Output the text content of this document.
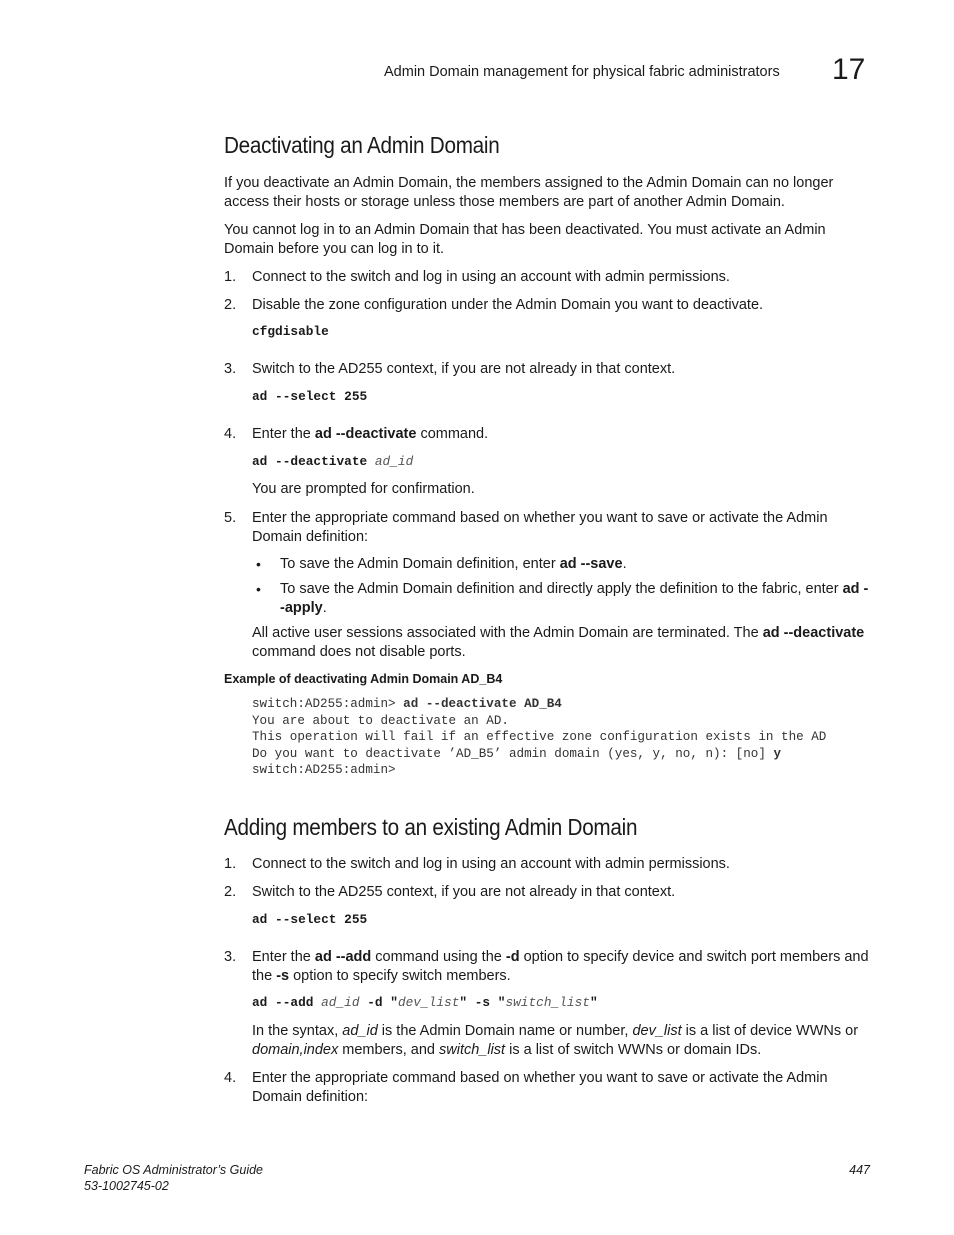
Admin Domain management for physical fabric administrators 17
Deactivating an Admin Domain

If you deactivate an Admin Domain, the members assigned to the Admin Domain can no longer access their hosts or storage unless those members are part of another Admin Domain.

You cannot log in to an Admin Domain that has been deactivated. You must activate an Admin Domain before you can log in to it.

1. Connect to the switch and log in using an account with admin permissions.
2. Disable the zone configuration under the Admin Domain you want to deactivate.
cfgdisable
3. Switch to the AD255 context, if you are not already in that context.
ad --select 255
4. Enter the ad --deactivate command.
ad --deactivate ad_id

You are prompted for confirmation.

5. Enter the appropriate command based on whether you want to save or activate the Admin Domain definition:
• To save the Admin Domain definition, enter ad --save.
• To save the Admin Domain definition and directly apply the definition to the fabric, enter ad --apply.

All active user sessions associated with the Admin Domain are terminated. The ad --deactivate command does not disable ports.

Example of deactivating Admin Domain AD_B4
switch:AD255:admin> ad --deactivate AD_B4
You are about to deactivate an AD.
This operation will fail if an effective zone configuration exists in the AD
Do you want to deactivate ’AD_B5’ admin domain (yes, y, no, n): [no] y
switch:AD255:admin>
Adding members to an existing Admin Domain
1. Connect to the switch and log in using an account with admin permissions.
2. Switch to the AD255 context, if you are not already in that context.
ad --select 255
3. Enter the ad --add command using the -d option to specify device and switch port members and the -s option to specify switch members.
ad --add ad_id -d "dev_list" -s "switch_list"

In the syntax, ad_id is the Admin Domain name or number, dev_list is a list of device WWNs or domain,index members, and switch_list is a list of switch WWNs or domain IDs.

4. Enter the appropriate command based on whether you want to save or activate the Admin Domain definition:
Fabric OS Administrator’s Guide
53-1002745-02
447
